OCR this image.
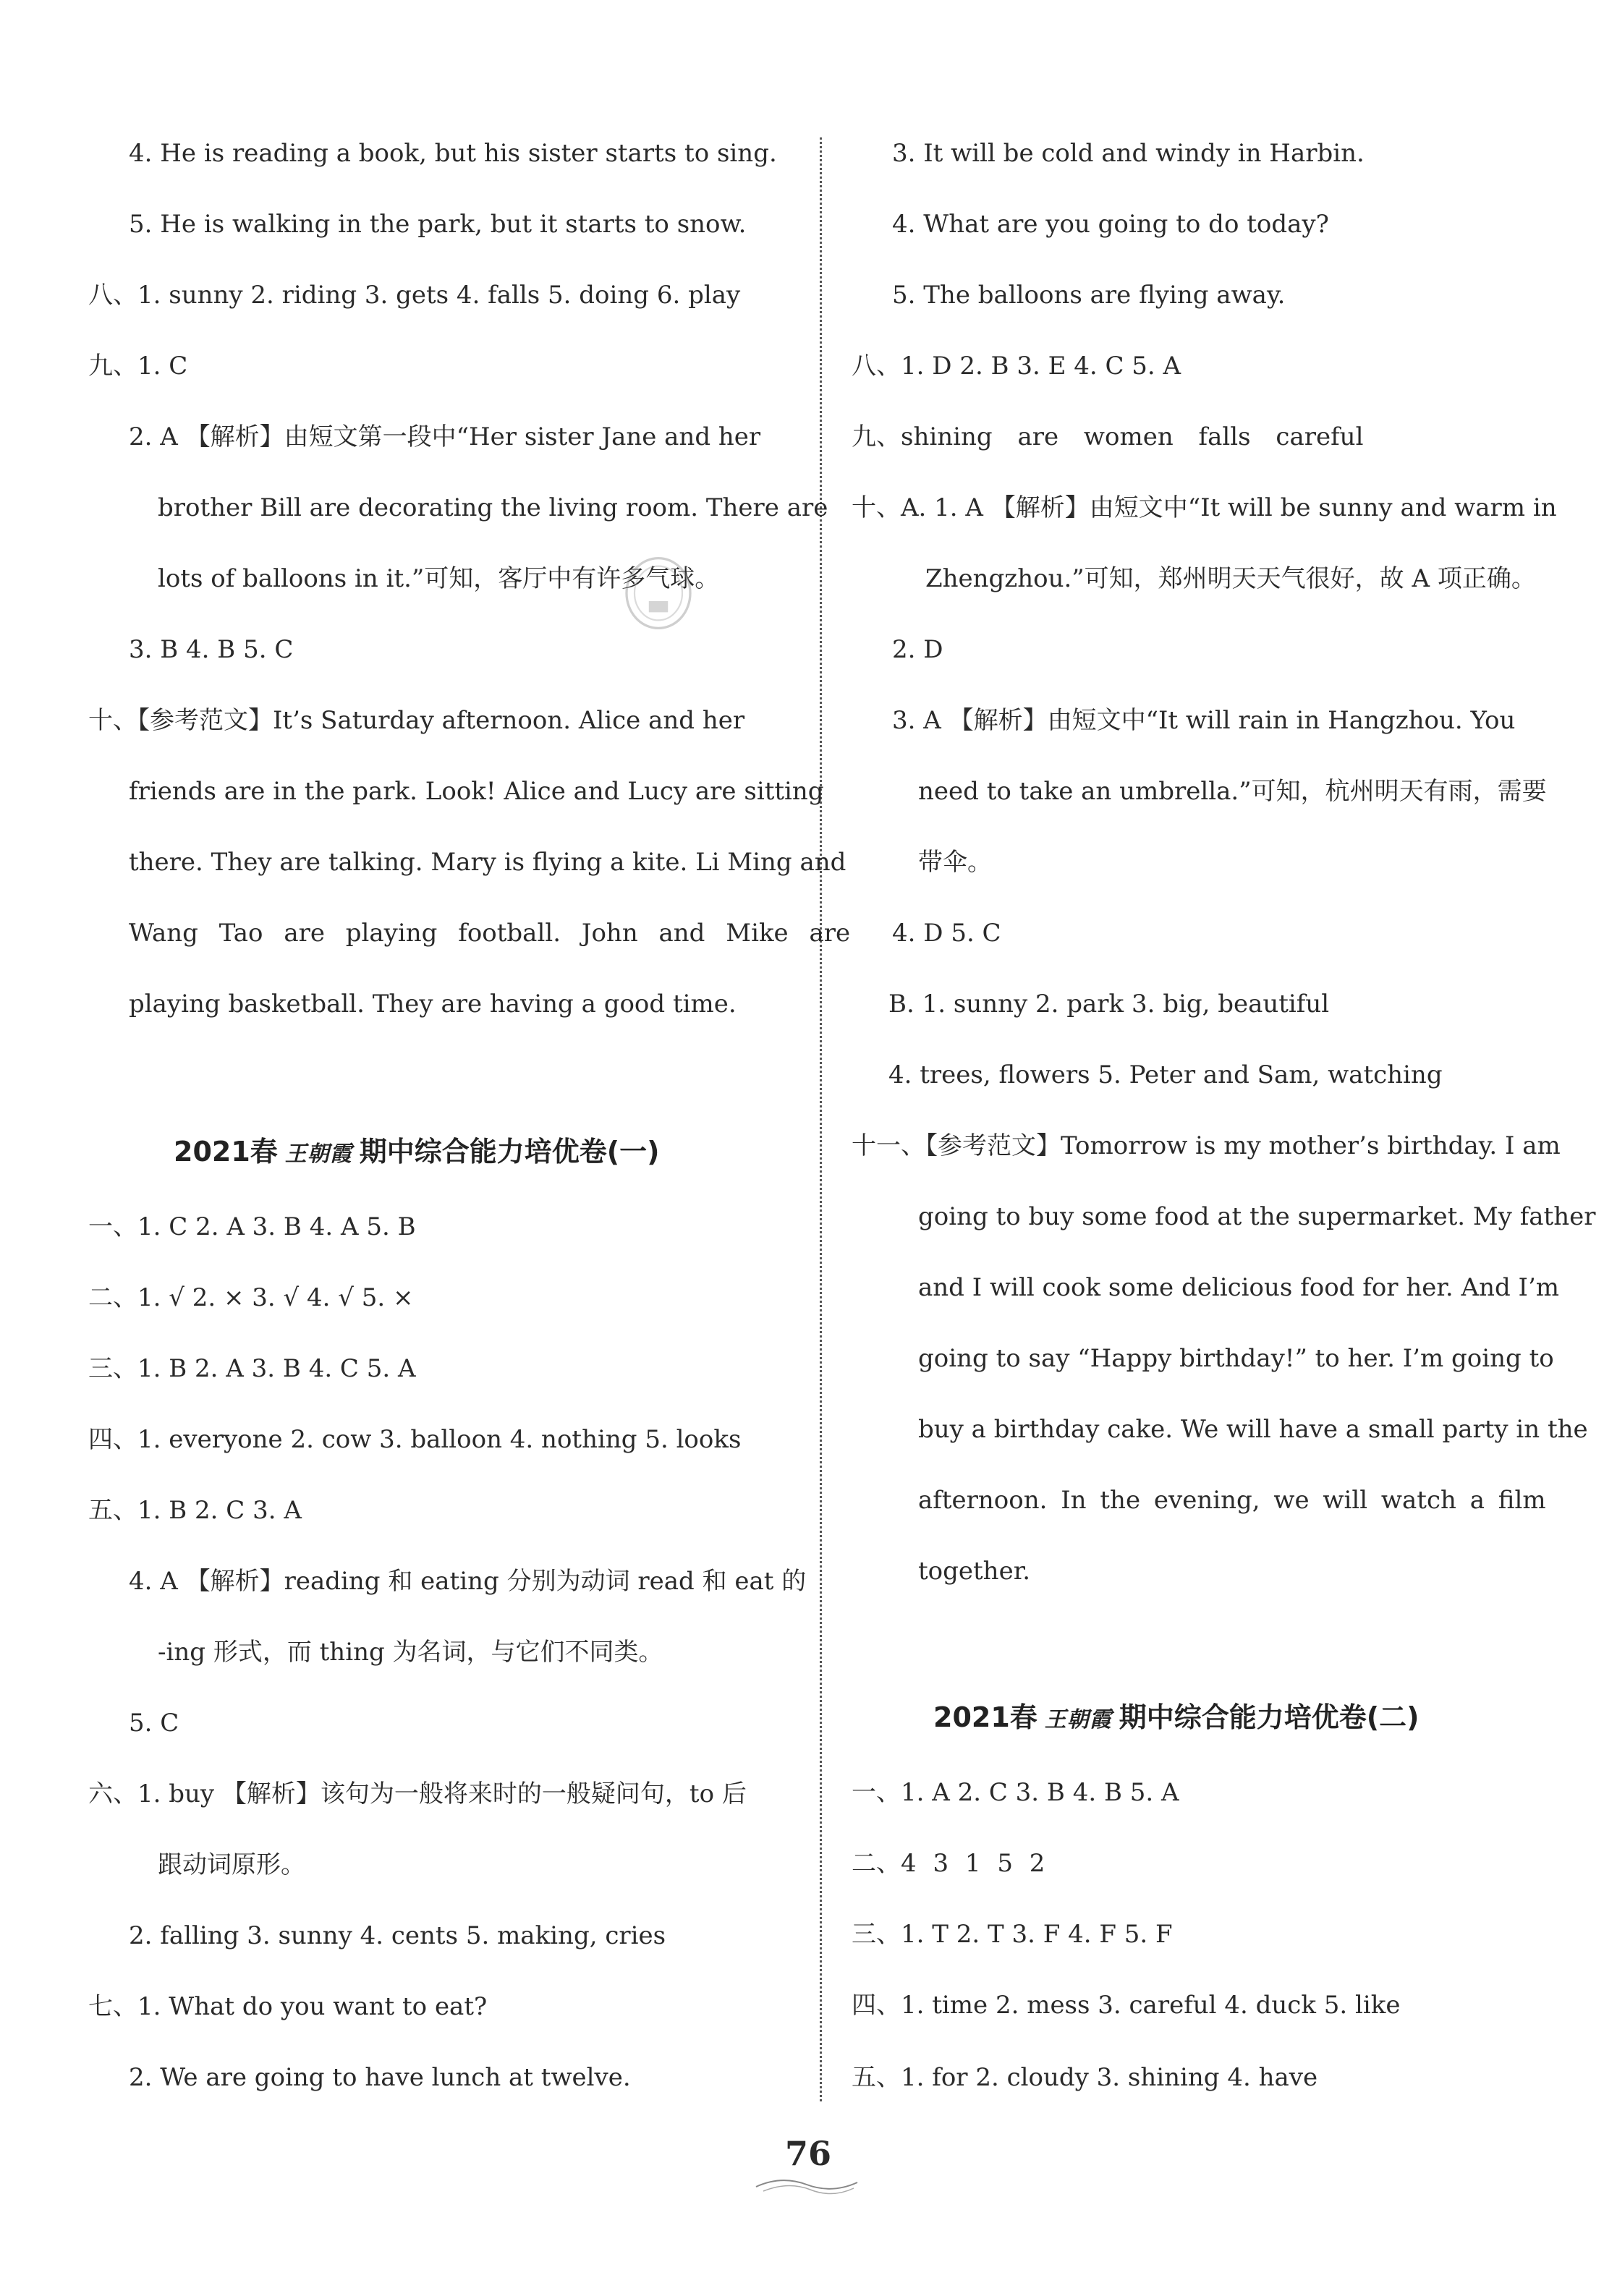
4. He is reading a book, but his sister starts to sing.
5. He is walking in the park, but it starts to snow.
八、1. sunny 2. riding 3. gets 4. falls 5. doing 6. play
九、1. C
2. A 【解析】由短文第一段中“Her sister Jane and her
brother Bill are decorating the living room. There are
lots of balloons in it.”可知，客厅中有许多气球。
3. B 4. B 5. C
十、【参考范文】It’s Saturday afternoon. Alice and her
friends are in the park. Look! Alice and Lucy are sitting
there. They are talking. Mary is flying a kite. Li Ming and
Wang Tao are playing football. John and Mike are
playing basketball. They are having a good time.
2021春 王朝霞 期中综合能力培优卷(一)
一、1. C 2. A 3. B 4. A 5. B
二、1. √ 2. × 3. √ 4. √ 5. ×
三、1. B 2. A 3. B 4. C 5. A
四、1. everyone 2. cow 3. balloon 4. nothing 5. looks
五、1. B 2. C 3. A
4. A 【解析】reading 和 eating 分别为动词 read 和 eat 的
-ing 形式，而 thing 为名词，与它们不同类。
5. C
六、1. buy 【解析】该句为一般将来时的一般疑问句，to 后
跟动词原形。
2. falling 3. sunny 4. cents 5. making, cries
七、1. What do you want to eat?
2. We are going to have lunch at twelve.
3. It will be cold and windy in Harbin.
4. What are you going to do today?
5. The balloons are flying away.
八、1. D 2. B 3. E 4. C 5. A
九、shining are women falls careful
十、A. 1. A 【解析】由短文中“It will be sunny and warm in
Zhengzhou.”可知，郑州明天天气很好，故 A 项正确。
2. D
3. A 【解析】由短文中“It will rain in Hangzhou. You
need to take an umbrella.”可知，杭州明天有雨，需要
带伞。
4. D 5. C
B. 1. sunny 2. park 3. big, beautiful
4. trees, flowers 5. Peter and Sam, watching
十一、【参考范文】Tomorrow is my mother’s birthday. I am
going to buy some food at the supermarket. My father
and I will cook some delicious food for her. And I’m
going to say “Happy birthday!” to her. I’m going to
buy a birthday cake. We will have a small party in the
afternoon. In the evening, we will watch a film
together.
2021春 王朝霞 期中综合能力培优卷(二)
一、1. A 2. C 3. B 4. B 5. A
二、4 3 1 5 2
三、1. T 2. T 3. F 4. F 5. F
四、1. time 2. mess 3. careful 4. duck 5. like
五、1. for 2. cloudy 3. shining 4. have
76
